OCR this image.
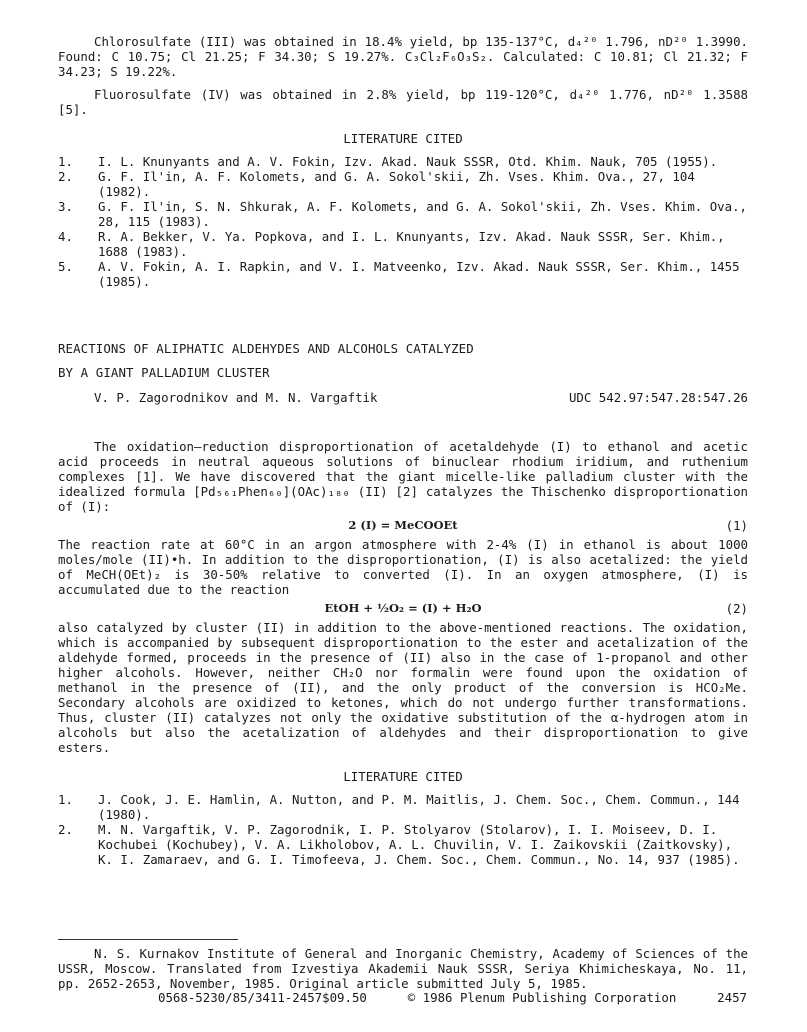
Chlorosulfate (III) was obtained in 18.4% yield, bp 135-137°C, d₄²⁰ 1.796, nD²⁰ 1.3990. Found: C 10.75; Cl 21.25; F 34.30; S 19.27%. C₃Cl₂F₆O₃S₂. Calculated: C 10.81; Cl 21.32; F 34.23; S 19.22%.

Fluorosulfate (IV) was obtained in 2.8% yield, bp 119-120°C, d₄²⁰ 1.776, nD²⁰ 1.3588 [5].

LITERATURE CITED

1.	I. L. Knunyants and A. V. Fokin, Izv. Akad. Nauk SSSR, Otd. Khim. Nauk, 705 (1955).
2.	G. F. Il'in, A. F. Kolomets, and G. A. Sokol'skii, Zh. Vses. Khim. Ova., 27, 104 (1982).
3.	G. F. Il'in, S. N. Shkurak, A. F. Kolomets, and G. A. Sokol'skii, Zh. Vses. Khim. Ova., 28, 115 (1983).
4.	R. A. Bekker, V. Ya. Popkova, and I. L. Knunyants, Izv. Akad. Nauk SSSR, Ser. Khim., 1688 (1983).
5.	A. V. Fokin, A. I. Rapkin, and V. I. Matveenko, Izv. Akad. Nauk SSSR, Ser. Khim., 1455 (1985).

REACTIONS OF ALIPHATIC ALDEHYDES AND ALCOHOLS CATALYZED

BY A GIANT PALLADIUM CLUSTER

V. P. Zagorodnikov and M. N. Vargaftik	UDC 542.97:547.28:547.26

The oxidation—reduction disproportionation of acetaldehyde (I) to ethanol and acetic acid proceeds in neutral aqueous solutions of binuclear rhodium iridium, and ruthenium complexes [1]. We have discovered that the giant micelle-like palladium cluster with the idealized formula [Pd₅₆₁Phen₆₀](OAc)₁₈₀ (II) [2] catalyzes the Thischenko disproportionation of (I):

2 (I) = MeCOOEt	(1)

The reaction rate at 60°C in an argon atmosphere with 2-4% (I) in ethanol is about 1000 moles/mole (II)•h. In addition to the disproportionation, (I) is also acetalized: the yield of MeCH(OEt)₂ is 30-50% relative to converted (I). In an oxygen atmosphere, (I) is accumulated due to the reaction

EtOH + ½O₂ = (I) + H₂O	(2)

also catalyzed by cluster (II) in addition to the above-mentioned reactions. The oxidation, which is accompanied by subsequent disproportionation to the ester and acetalization of the aldehyde formed, proceeds in the presence of (II) also in the case of 1-propanol and other higher alcohols. However, neither CH₂O nor formalin were found upon the oxidation of methanol in the presence of (II), and the only product of the conversion is HCO₂Me. Secondary alcohols are oxidized to ketones, which do not undergo further transformations. Thus, cluster (II) catalyzes not only the oxidative substitution of the α-hydrogen atom in alcohols but also the acetalization of aldehydes and their disproportionation to give esters.

LITERATURE CITED

1.	J. Cook, J. E. Hamlin, A. Nutton, and P. M. Maitlis, J. Chem. Soc., Chem. Commun., 144 (1980).
2.	M. N. Vargaftik, V. P. Zagorodnik, I. P. Stolyarov (Stolarov), I. I. Moiseev, D. I. Kochubei (Kochubey), V. A. Likholobov, A. L. Chuvilin, V. I. Zaikovskii (Zaitkovsky), K. I. Zamaraev, and G. I. Timofeeva, J. Chem. Soc., Chem. Commun., No. 14, 937 (1985).

N. S. Kurnakov Institute of General and Inorganic Chemistry, Academy of Sciences of the USSR, Moscow. Translated from Izvestiya Akademii Nauk SSSR, Seriya Khimicheskaya, No. 11, pp. 2652-2653, November, 1985. Original article submitted July 5, 1985.

0568-5230/85/3411-2457$09.50	© 1986 Plenum Publishing Corporation	2457
